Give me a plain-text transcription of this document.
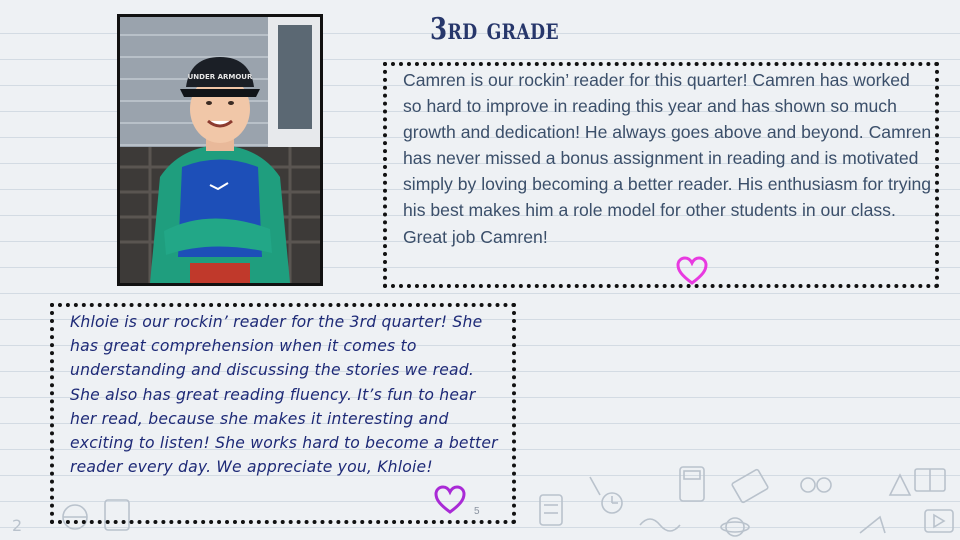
2
UNDER ARMOUR
3rd grade
Camren is our rockin’ reader for this quarter! Camren has worked so hard to improve in reading this year and has shown so much growth and dedication! He always goes above and beyond. Camren has never missed a bonus assignment in reading and is motivated simply by loving becoming a better reader. His enthusiasm for trying his best makes him a role model for other students in our class. Great job Camren!
Khloie is our rockin’ reader for the 3rd quarter! She has great comprehension when it comes to understanding and discussing the stories we read. She also has great reading fluency. It’s fun to hear her read, because she makes it interesting and exciting to listen! She works hard to become a better reader every day. We appreciate you, Khloie!
5
